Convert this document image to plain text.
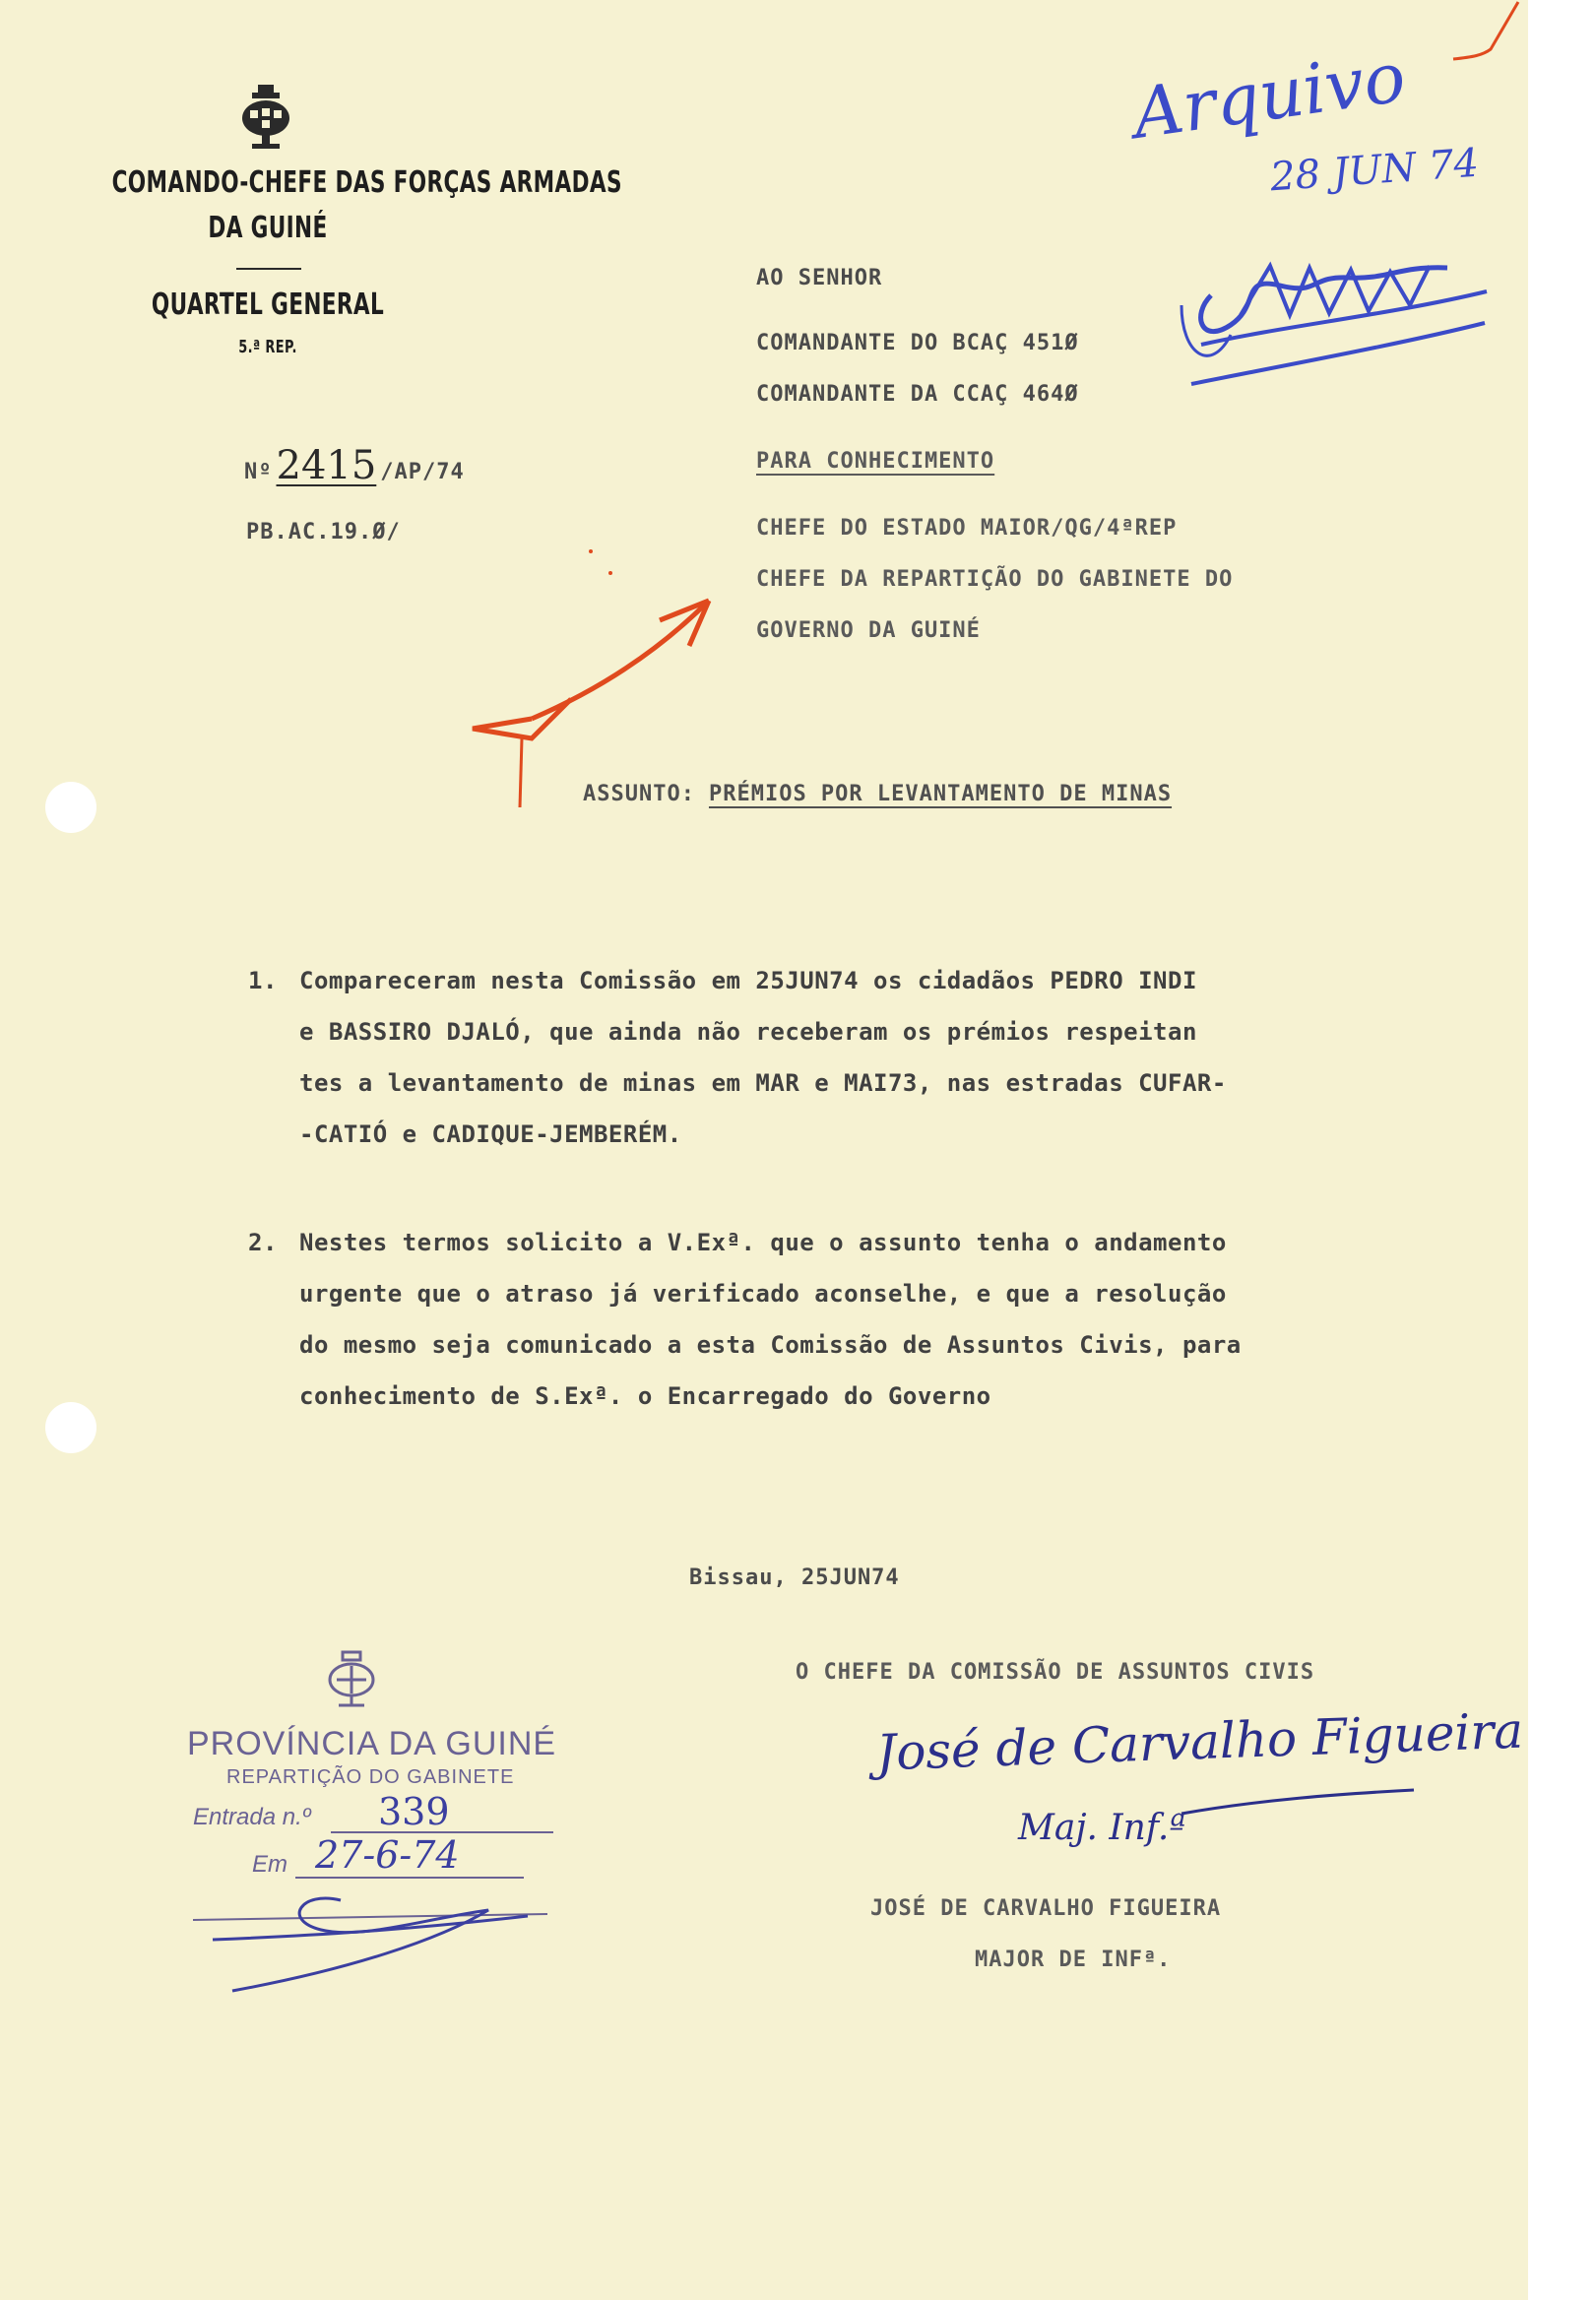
COMANDO-CHEFE DAS FORÇAS ARMADAS
DA GUINÉ
QUARTEL GENERAL
5.ª REP.
Nº 2415 /AP/74
PB.AC.19.Ø/
AO SENHOR
COMANDANTE DO BCAÇ 451Ø
COMANDANTE DA CCAÇ 464Ø
PARA CONHECIMENTO
CHEFE DO ESTADO MAIOR/QG/4ªREP
CHEFE DA REPARTIÇÃO DO GABINETE DO
GOVERNO DA GUINÉ
Arquivo
28 JUN 74
ASSUNTO: PRÉMIOS POR LEVANTAMENTO DE MINAS
1. Compareceram nesta Comissão em 25JUN74 os cidadãos PEDRO INDI
e BASSIRO DJALÓ, que ainda não receberam os prémios respeitan
tes a levantamento de minas em MAR e MAI73, nas estradas CUFAR-
-CATIÓ e CADIQUE-JEMBERÉM.
2. Nestes termos solicito a V.Exª. que o assunto tenha o andamento
urgente que o atraso já verificado aconselhe, e que a resolução
do mesmo seja comunicado a esta Comissão de Assuntos Civis, para
conhecimento de S.Exª. o Encarregado do Governo
Bissau, 25JUN74
O CHEFE DA COMISSÃO DE ASSUNTOS CIVIS
José de Carvalho Figueira
Maj. Inf.ª
JOSÉ DE CARVALHO FIGUEIRA
MAJOR DE INFª.
PROVÍNCIA DA GUINÉ
REPARTIÇÃO DO GABINETE
Entrada n.º 339
Em 27-6-74
